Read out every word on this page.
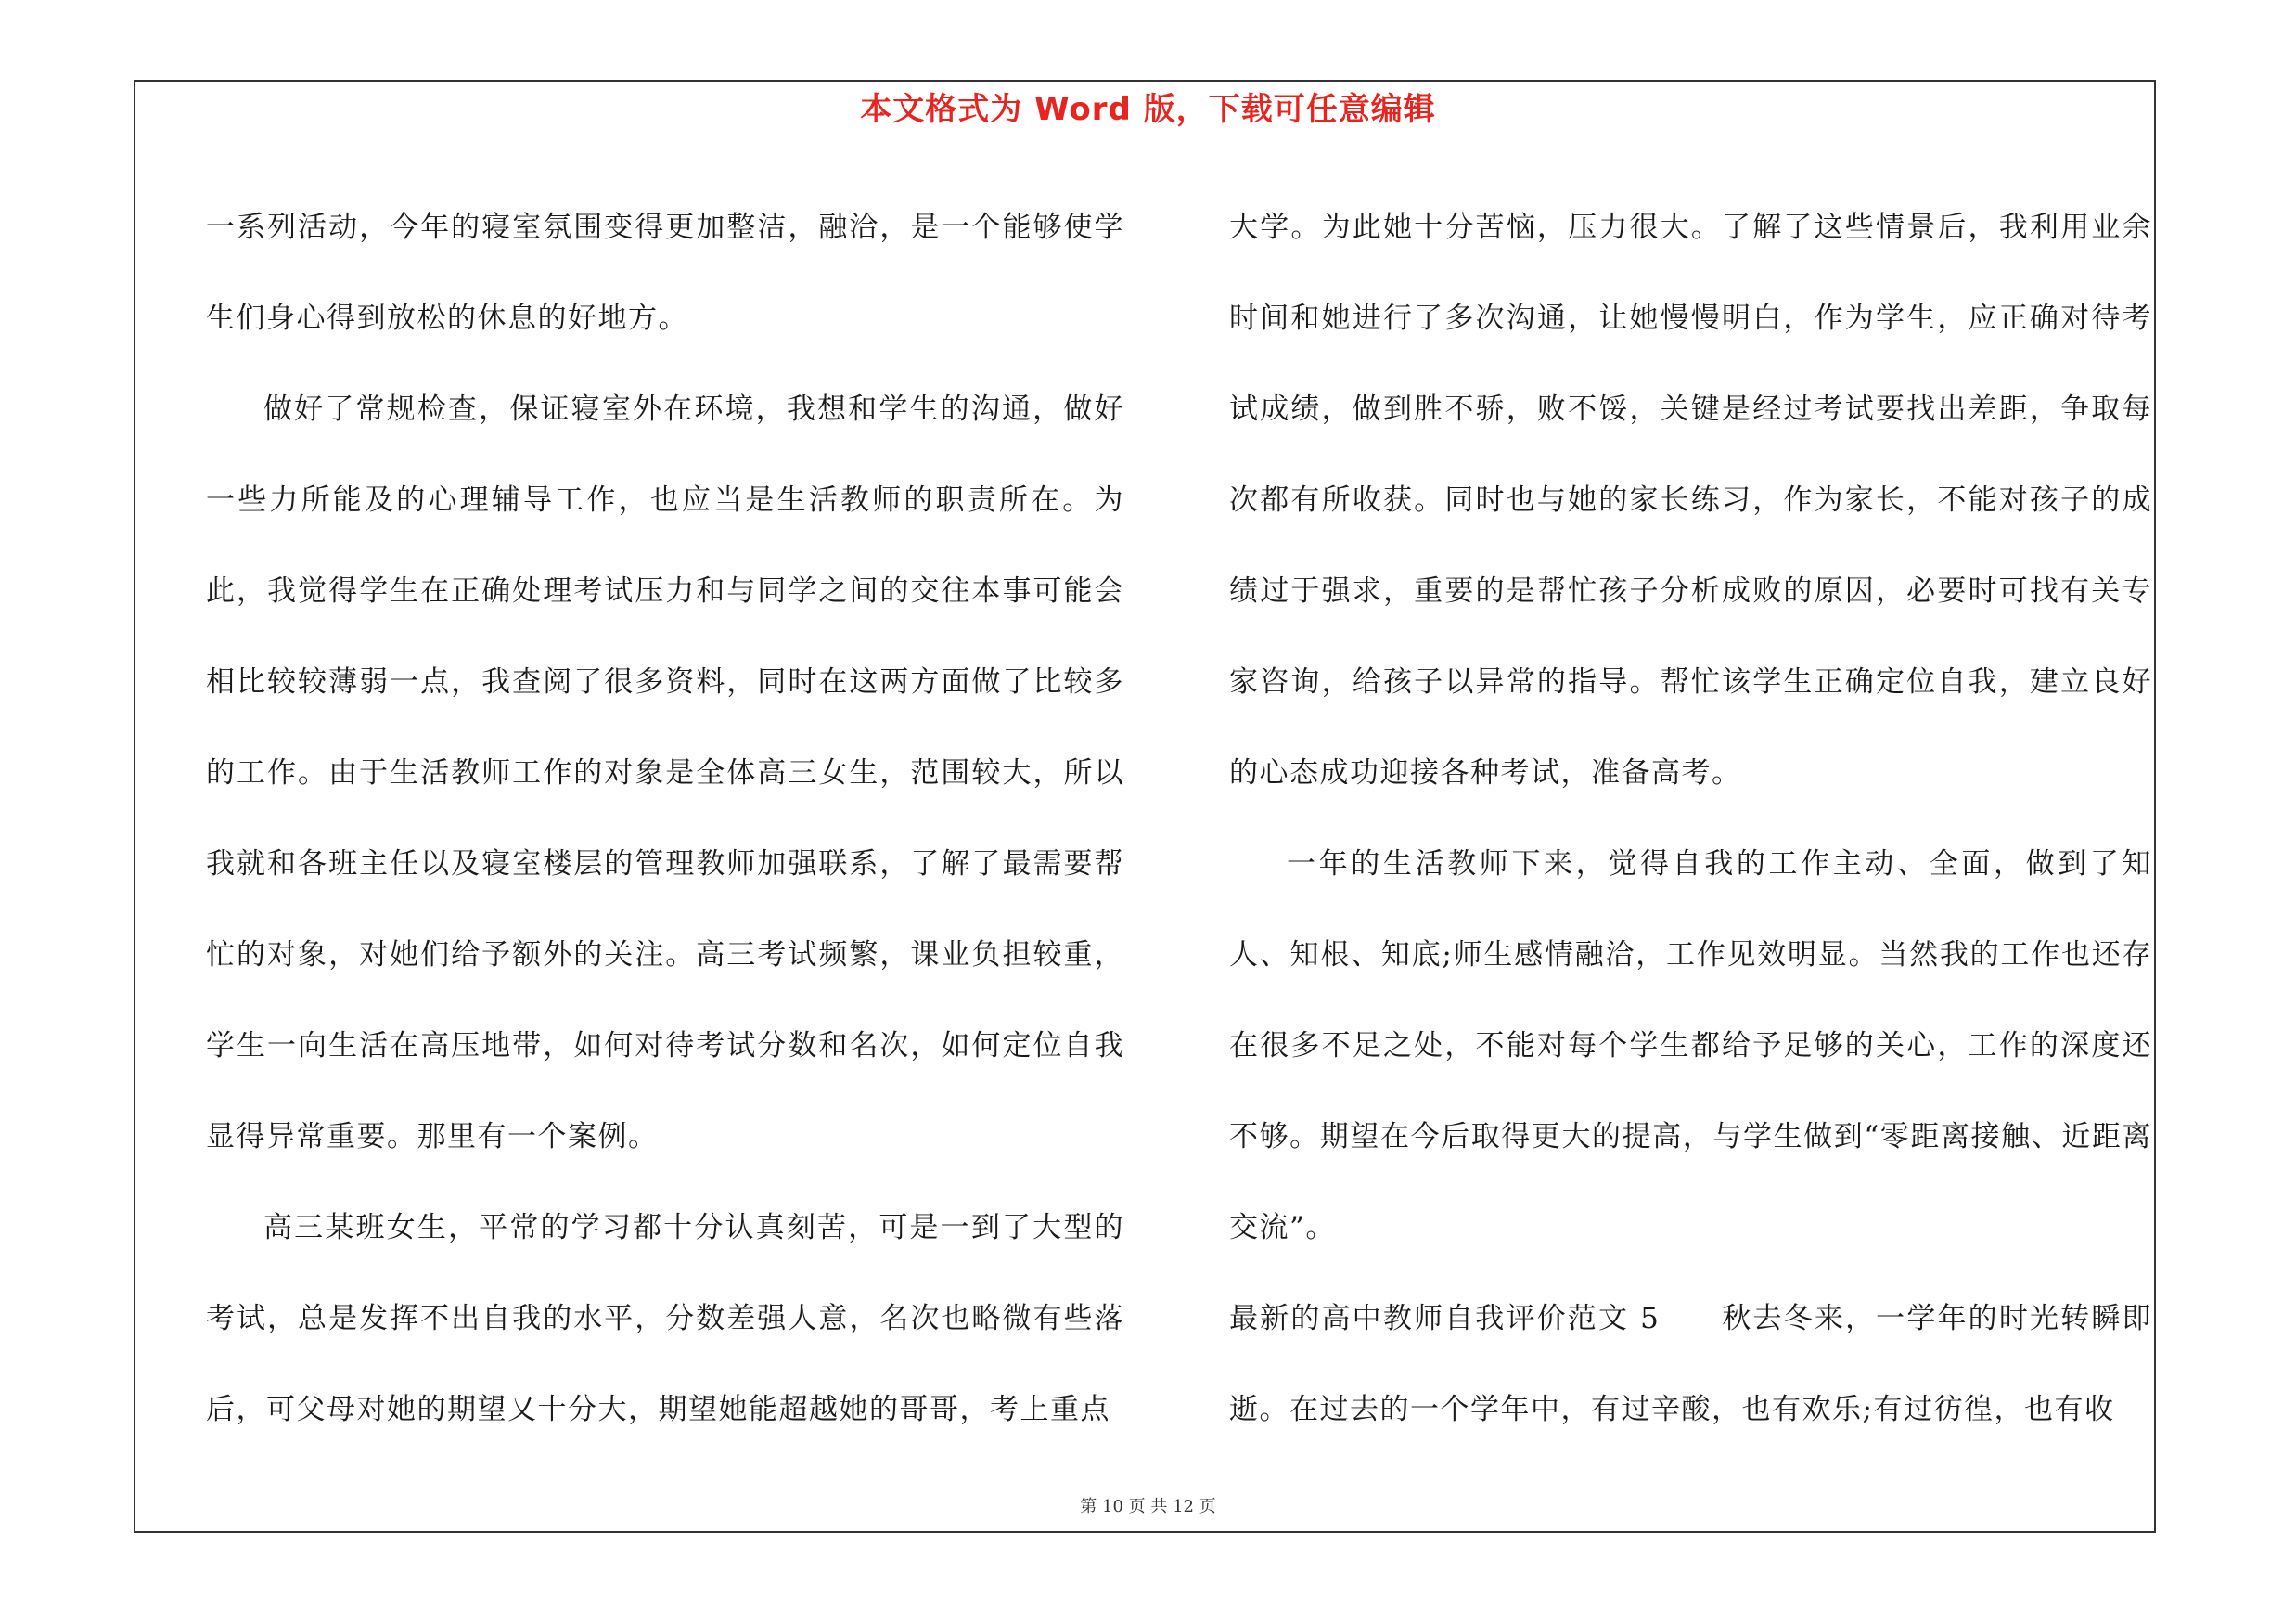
本文格式为 Word 版，下载可任意编辑

一系列活动，今年的寝室氛围变得更加整洁，融洽，是一个能够使学生们身心得到放松的休息的好地方。

做好了常规检查，保证寝室外在环境，我想和学生的沟通，做好一些力所能及的心理辅导工作，也应当是生活教师的职责所在。为此，我觉得学生在正确处理考试压力和与同学之间的交往本事可能会相比较较薄弱一点，我查阅了很多资料，同时在这两方面做了比较多的工作。由于生活教师工作的对象是全体高三女生，范围较大，所以我就和各班主任以及寝室楼层的管理教师加强联系，了解了最需要帮忙的对象，对她们给予额外的关注。高三考试频繁，课业负担较重，学生一向生活在高压地带，如何对待考试分数和名次，如何定位自我显得异常重要。那里有一个案例。

高三某班女生，平常的学习都十分认真刻苦，可是一到了大型的考试，总是发挥不出自我的水平，分数差强人意，名次也略微有些落后，可父母对她的期望又十分大，期望她能超越她的哥哥，考上重点

大学。为此她十分苦恼，压力很大。了解了这些情景后，我利用业余时间和她进行了多次沟通，让她慢慢明白，作为学生，应正确对待考试成绩，做到胜不骄，败不馁，关键是经过考试要找出差距，争取每次都有所收获。同时也与她的家长练习，作为家长，不能对孩子的成绩过于强求，重要的是帮忙孩子分析成败的原因，必要时可找有关专家咨询，给孩子以异常的指导。帮忙该学生正确定位自我，建立良好的心态成功迎接各种考试，准备高考。

一年的生活教师下来，觉得自我的工作主动、全面，做到了知人、知根、知底;师生感情融洽，工作见效明显。当然我的工作也还存在很多不足之处，不能对每个学生都给予足够的关心，工作的深度还不够。期望在今后取得更大的提高，与学生做到“零距离接触、近距离交流”。

最新的高中教师自我评价范文 5　　秋去冬来，一学年的时光转瞬即逝。在过去的一个学年中，有过辛酸，也有欢乐;有过彷徨，也有收

第 10 页 共 12 页
